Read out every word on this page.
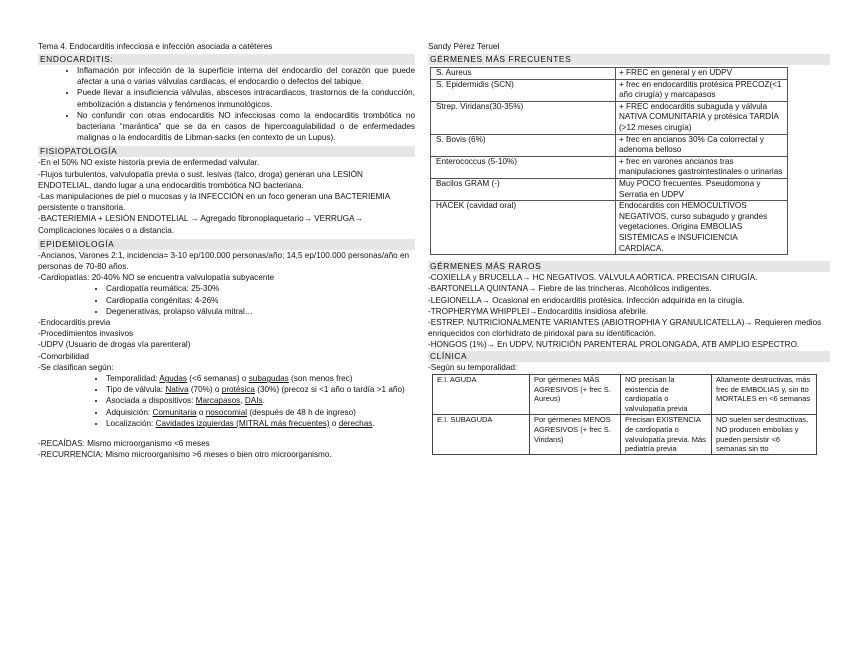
Tema 4. Endocarditis infecciosa e infección asociada a catéteres
ENDOCARDITIS:
• Inflamación por infección de la superficie interna del endocardio del corazón que puede afectar a una o varias válvulas cardiacas, el endocardio o defectos del tabique.
• Puede llevar a insuficiencia válvulas, abscesos intracardiacos, trastornos de la conducción, embolización a distancia y fenómenos inmunológicos.
• No confundir con otras endocarditis NO infecciosas como la endocarditis trombótica no bacteriana “marántica” que se da en casos de hipercoagulabilidad o de enfermedades malignas o la endocarditis de Libman-sacks (en contexto de un Lupus).
FISIOPATOLOGÍA

-En el 50% NO existe historia previa de enfermedad valvular.

-Flujos turbulentos, valvulopatía previa o sust. lesivas (talco, droga) generan una LESIÓN ENDOTELIAL, dando lugar a una endocarditis trombótica NO bacteriana.

-Las manipulaciones de piel o mucosas y la INFECCIÓN en un foco generan una BACTERIEMIA persistente o transitoria.

-BACTERIEMIA + LESIÓN ENDOTELIAL → Agregado fibronoplaquetario→ VERRUGA→ Complicaciones locales o a distancia.

EPIDEMIOLOGÍA

-Ancianos, Varones 2:1, incidencia= 3-10 ep/100.000 personas/año; 14,5 ep/100.000 personas/año en personas de 70-80 años.

-Cardiopatías: 20-40% NO se encuentra valvulopatía subyacente

• Cardiopatía reumática: 25-30%
• Cardiopatía congénitas: 4-26%
• Degenerativas, prolapso válvula mitral…

-Endocarditis previa

-Procedimientos invasivos

-UDPV (Usuario de drogas vía parenteral)

-Comorbilidad

-Se clasifican según:

• Temporalidad: Agudas (<6 semanas) o subagudas (son menos frec)
• Tipo de válvula: Nativa (70%) o protésica (30%) (precoz si <1 año o tardía >1 año)
• Asociada a dispositivos: Marcapasos, DAIs.
• Adquisición: Comunitaria o nosocomial (después de 48 h de ingreso)
• Localización: Cavidades izquierdas (MITRAL más frecuentes) o derechas.

-RECAÍDAS: Mismo microorganismo <6 meses

-RECURRENCIA: Mismo microorganismo >6 meses o bien otro microorganismo.

Sandy Pérez Teruel
GÉRMENES MÁS FRECUENTES
S. Aureus	+ FREC en general y en UDPV
S. Epidermidis (SCN)	+ frec en endocarditis protésica PRECOZ(<1 año cirugía) y marcapasos
Strep. Viridans(30-35%)	+ FREC endocarditis subaguda y válvula NATIVA COMUNITARIA y protésica TARDÍA (>12 meses cirugía)
S. Bovis (6%)	+ frec en ancianos 30% Ca colorrectal y adenoma belloso
Enterococcus (5-10%)	+ frec en varones ancianos tras manipulaciones gastrointestinales o urinarias
Bacilos GRAM (-)	Muy POCO frecuentes. Pseudomona y Serratia en UDPV
HACEK (cavidad oral)	Endocarditis con HEMOCULTIVOS NEGATIVOS, curso subagudo y grandes vegetaciones. Origina EMBOLIAS SISTÉMICAS e INSUFICIENCIA CARDÍACA.
GÉRMENES MÁS RAROS

-COXIELLA y BRUCELLA→ HC NEGATIVOS. VÁLVULA AÓRTICA. PRECISAN CIRUGÍA.

-BARTONELLA QUINTANA→ Fiebre de las trincheras. Alcohólicos indigentes.

-LEGIONELLA→ Ocasional en endocarditis protésica. Infección adquirida en la cirugía.

-TROPHERYMA WHIPPLEI→Endocarditis insidiosa afebrile.

-ESTREP. NUTRICIONALMENTE VARIANTES (ABIOTROPHIA Y GRANULICATELLA)→ Requieren medios enriquecidos con clorhidrato de piridoxal para su identificación.

-HONGOS (1%)→ En UDPV, NUTRICIÓN PARENTERAL PROLONGADA, ATB AMPLIO ESPECTRO.

CLÍNICA

-Según su temporalidad:

E.I. AGUDA	Por gérmenes MÁS AGRESIVOS (+ frec S. Aureus)	NO precisan la existencia de cardiopatía o valvulopatía previa	Altamente destructivas, más frec de EMBOLIAS y, sin tto MORTALES en <6 semanas
E.I. SUBAGUDA	Por gérmenes MENOS AGRESIVOS (+ frec S. Viridans)	Precisan EXISTENCIA de cardiopatía o valvulopatía previa. Más pediatría previa	NO suelen ser destructivas, NO producen embolias y pueden persistir <6 semanas sin tto
